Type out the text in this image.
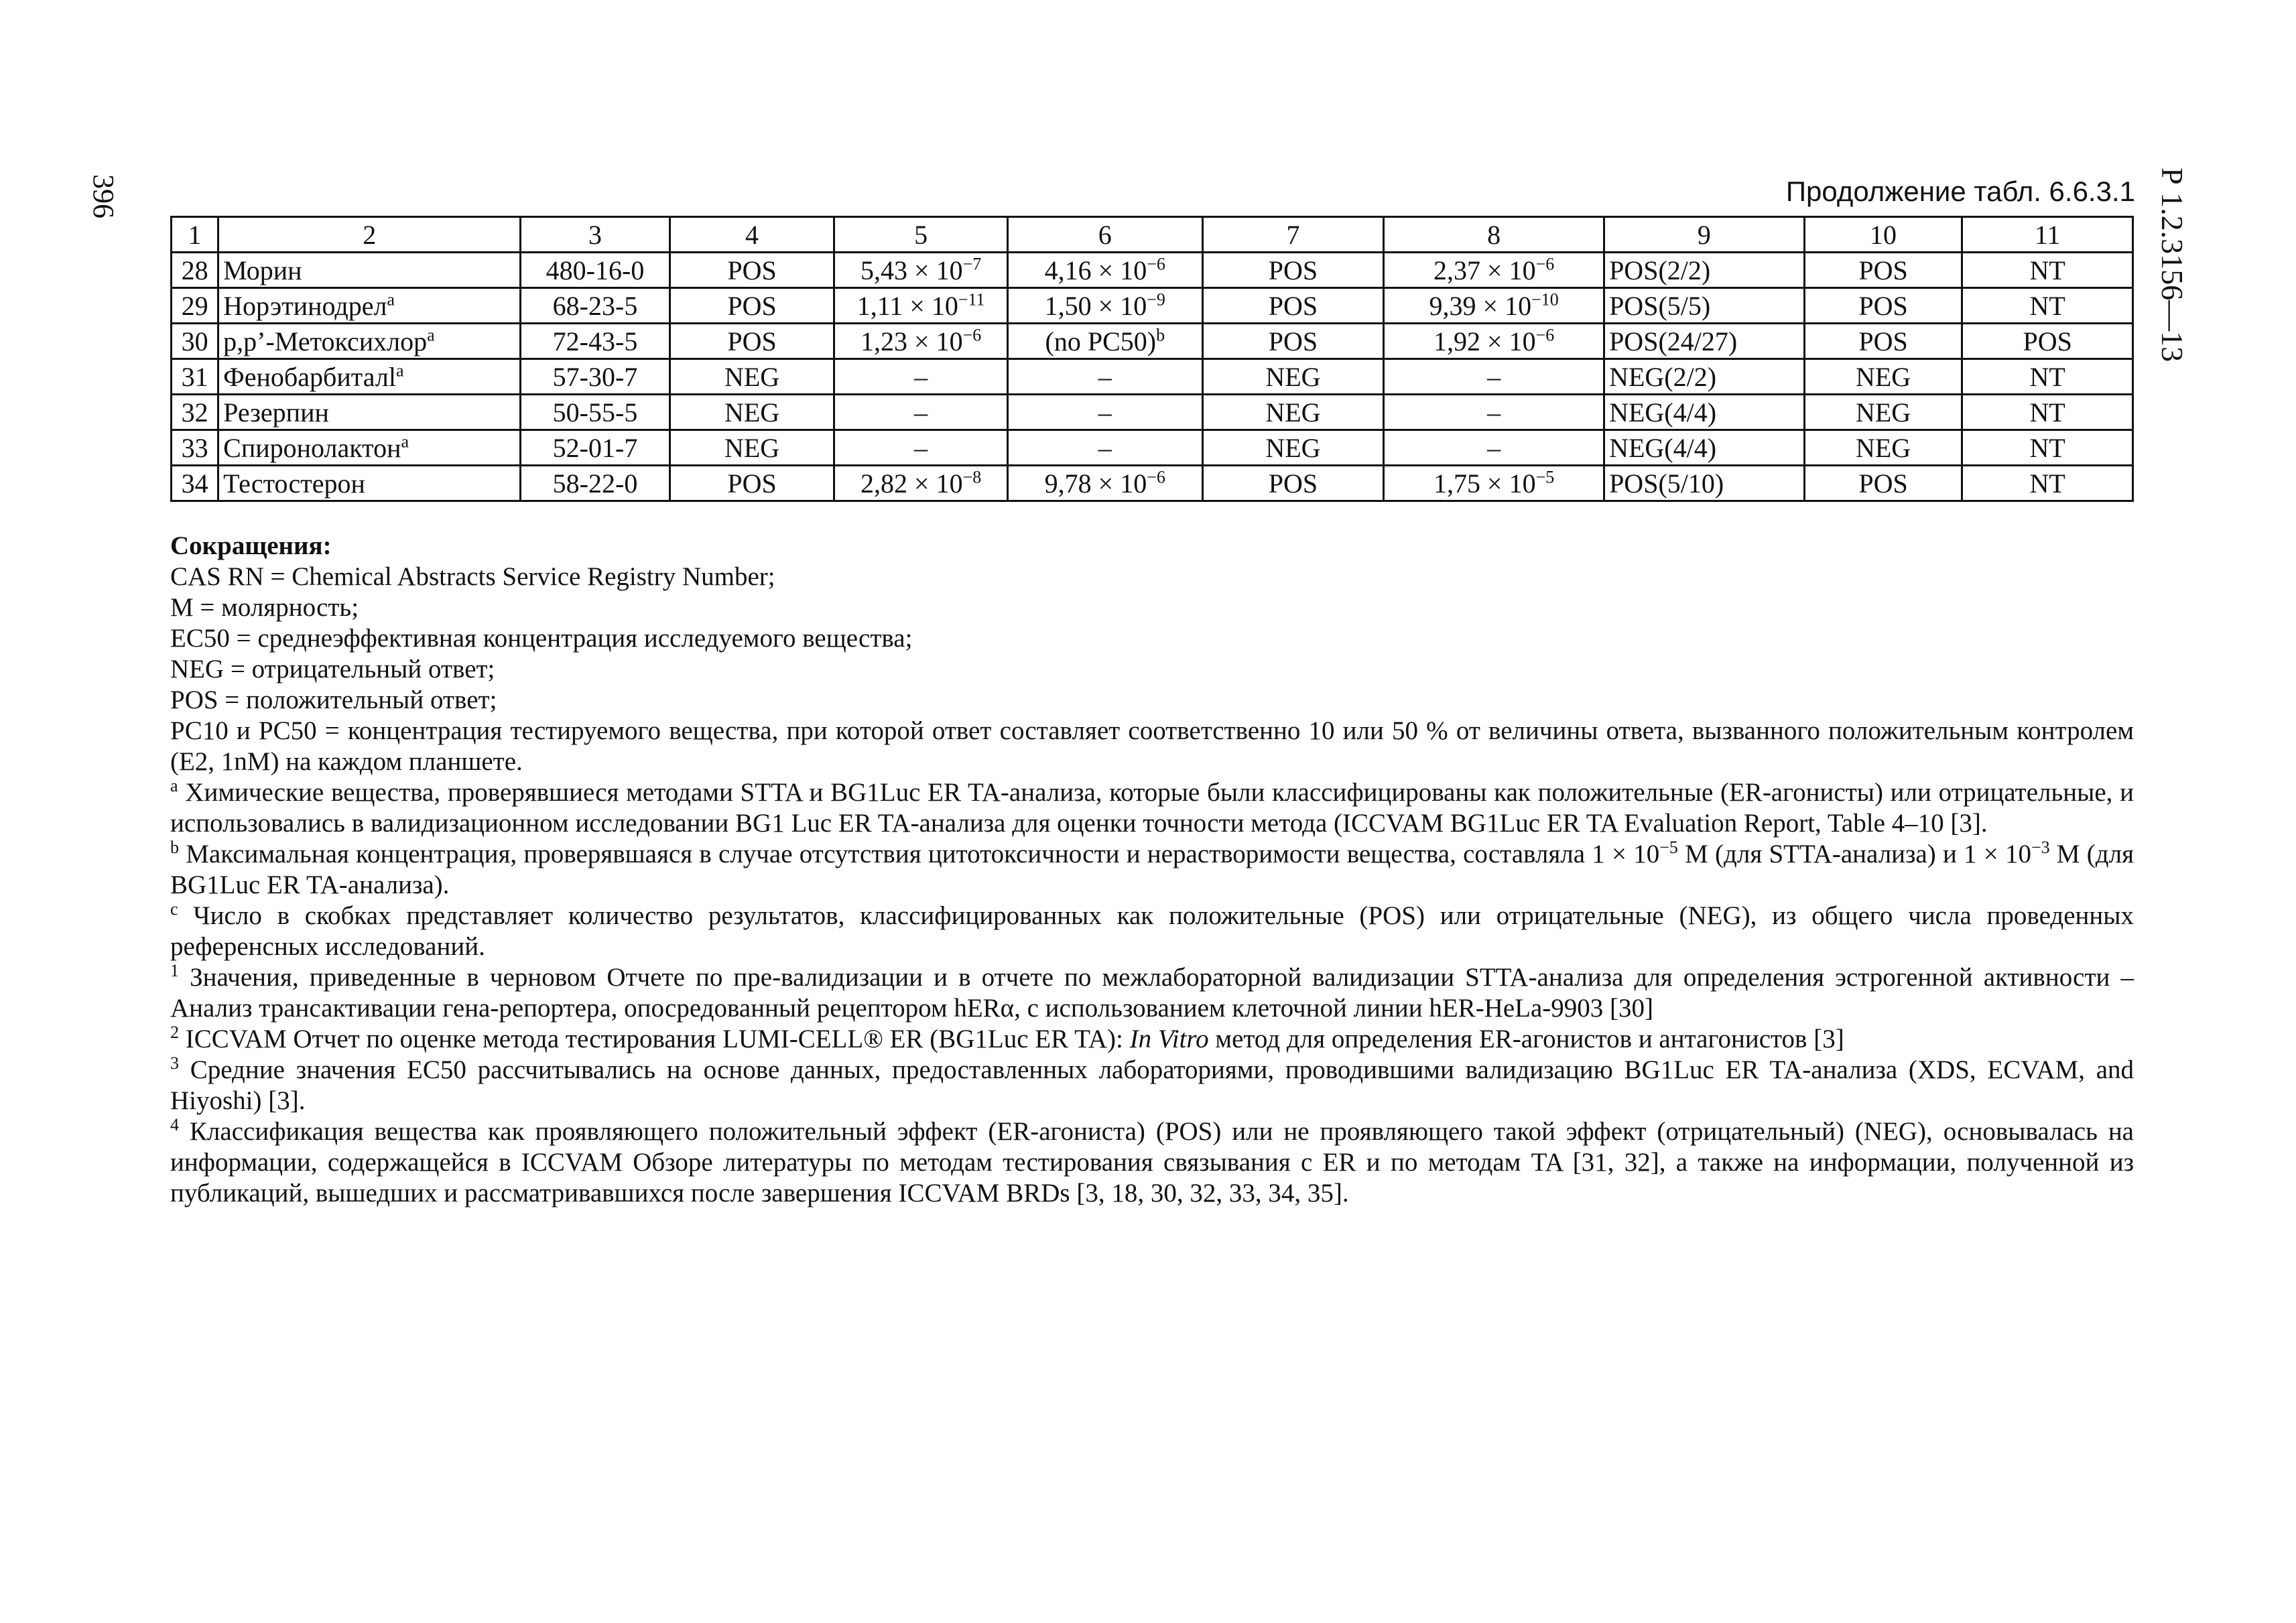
396	Р 1.2.3156—13
Продолжение табл. 6.6.3.1
1	2	3	4	5	6	7	8	9	10	11
28	Морин	480-16-0	POS	$5,43 \times 10^{-7}$	$4,16 \times 10^{-6}$	POS	$2,37 \times 10^{-6}$	POS(2/2)	POS	NT
29	Норэтинодрел$^a$	68-23-5	POS	$1,11 \times 10^{-11}$	$1,50 \times 10^{-9}$	POS	$9,39 \times 10^{-10}$	POS(5/5)	POS	NT
30	p,p’-Метоксихлор$^a$	72-43-5	POS	$1,23 \times 10^{-6}$	(no PC50)$^b$	POS	$1,92 \times 10^{-6}$	POS(24/27)	POS	POS
31	Фенобарбиталl$^a$	57-30-7	NEG	–	–	NEG	–	NEG(2/2)	NEG	NT
32	Резерпин	50-55-5	NEG	–	–	NEG	–	NEG(4/4)	NEG	NT
33	Спиронолактон$^a$	52-01-7	NEG	–	–	NEG	–	NEG(4/4)	NEG	NT
34	Тестостерон	58-22-0	POS	$2,82 \times 10^{-8}$	$9,78 \times 10^{-6}$	POS	$1,75 \times 10^{-5}$	POS(5/10)	POS	NT

Сокращения:

CAS RN = Chemical Abstracts Service Registry Number;

M = молярность;

EC50 = среднеэффективная концентрация исследуемого вещества;

NEG = отрицательный ответ;

POS = положительный ответ;

PC10 и PC50 = концентрация тестируемого вещества, при которой ответ составляет соответственно 10 или 50 % от величины ответа, вызванного положительным контролем (E2, 1nM) на каждом планшете.

$^a$ Химические вещества, проверявшиеся методами STTA и BG1Luc ER TA-анализа, которые были классифицированы как положительные (ER-агонисты) или отрицательные, и использовались в валидизационном исследовании BG1 Luc ER TA-анализа для оценки точности метода (ICCVAM BG1Luc ER TA Evaluation Report, Table 4–10 [3].

$^b$ Максимальная концентрация, проверявшаяся в случае отсутствия цитотоксичности и нерастворимости вещества, составляла $1 \times 10^{-5}$ M (для STTA-анализа) и $1 \times 10^{-3}$ M (для BG1Luc ER TA-анализа).

$^c$ Число в скобках представляет количество результатов, классифицированных как положительные (POS) или отрицательные (NEG), из общего числа проведенных референсных исследований.

$^1$ Значения, приведенные в черновом Отчете по пре-валидизации и в отчете по межлабораторной валидизации STTA-анализа для определения эстрогенной активности – Анализ трансактивации гена-репортера, опосредованный рецептором hERα, с использованием клеточной линии hER-HeLa-9903 [30]

$^2$ ICCVAM Отчет по оценке метода тестирования LUMI-CELL® ER (BG1Luc ER TA): In Vitro метод для определения ER-агонистов и антагонистов [3]

$^3$ Средние значения EC50 рассчитывались на основе данных, предоставленных лабораториями, проводившими валидизацию BG1Luc ER TA-анализа (XDS, ECVAM, and Hiyoshi) [3].

$^4$ Классификация вещества как проявляющего положительный эффект (ER-агониста) (POS) или не проявляющего такой эффект (отрицательный) (NEG), основывалась на информации, содержащейся в ICCVAM Обзоре литературы по методам тестирования связывания с ER и по методам TA [31, 32], а также на информации, полученной из публикаций, вышедших и рассматривавшихся после завершения ICCVAM BRDs [3, 18, 30, 32, 33, 34, 35].
